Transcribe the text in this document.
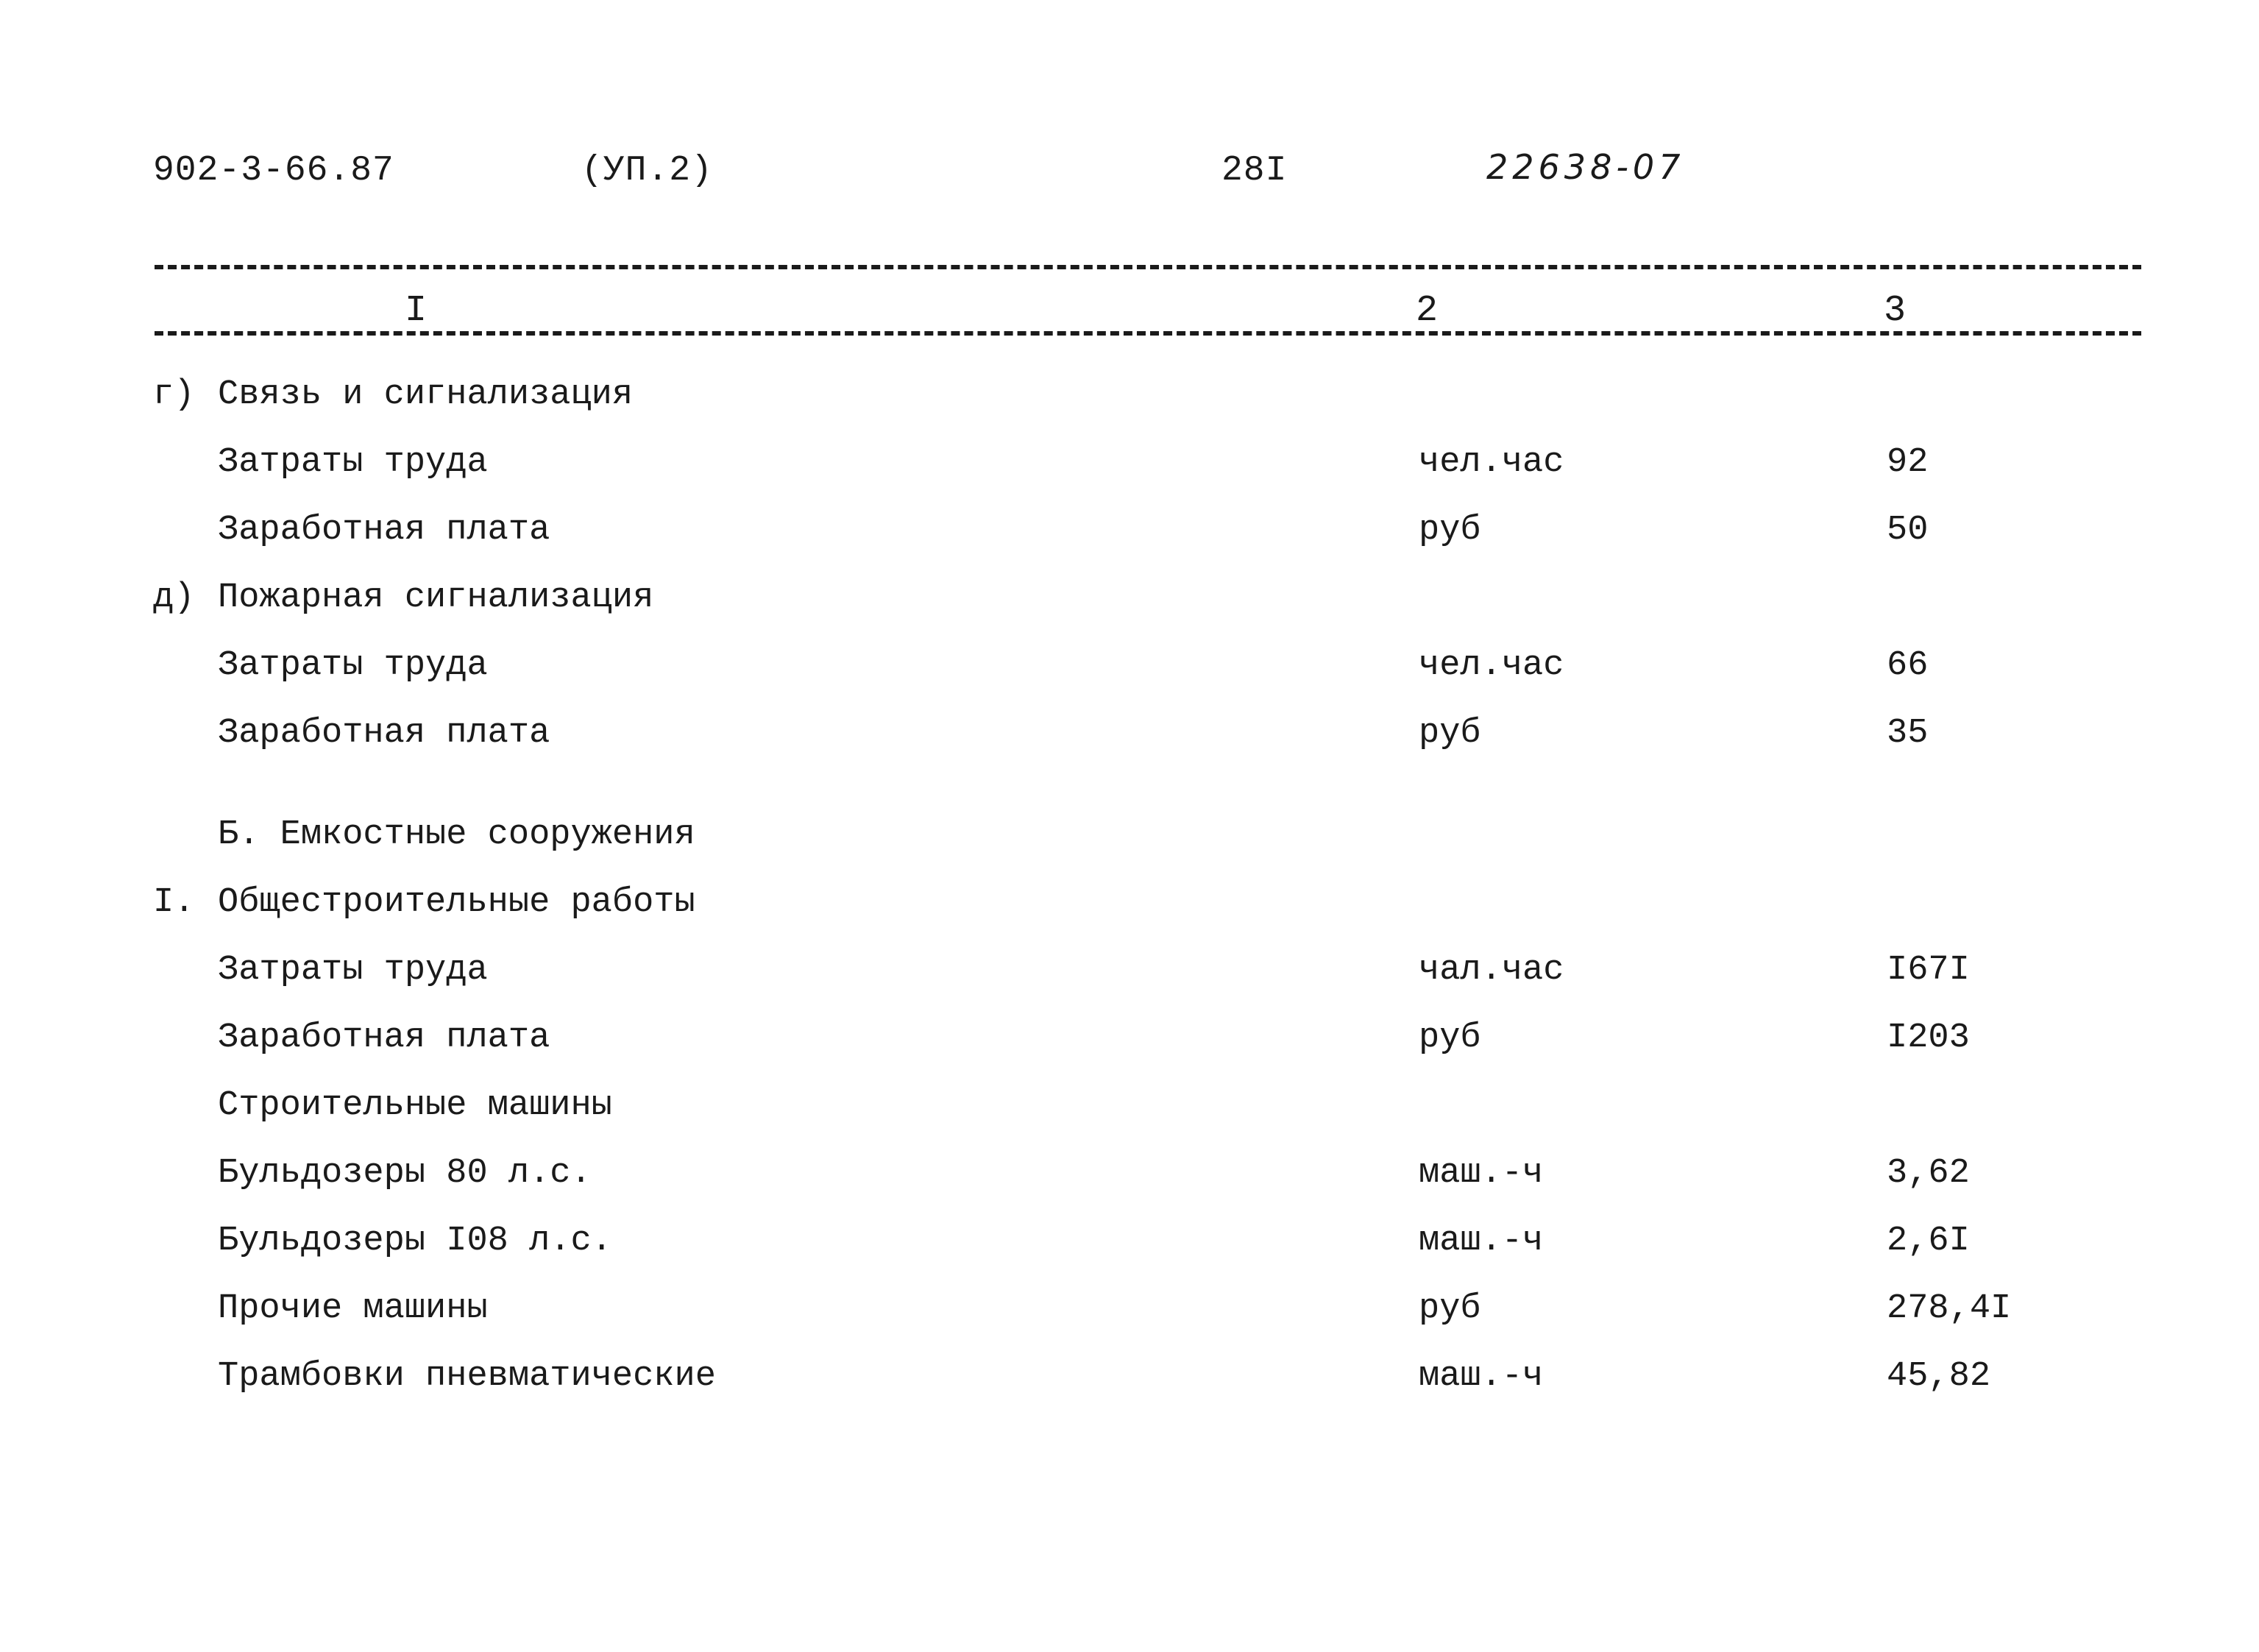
902-3-66.87	(УП.2)	28I	22638-07
I	2	3
г) Связь и сигнализация
Затраты труда	чел.час	92
Заработная плата	руб	50
д) Пожарная сигнализация
Затраты труда	чел.час	66
Заработная плата	руб	35
Б. Емкостные сооружения
I. Общестроительные работы
Затраты труда	чал.час	I67I
Заработная плата	руб	I203
Строительные машины
Бульдозеры 80 л.с.	маш.-ч	3,62
Бульдозеры I08 л.с.	маш.-ч	2,6I
Прочие машины	руб	278,4I
Трамбовки пневматические	маш.-ч	45,82
